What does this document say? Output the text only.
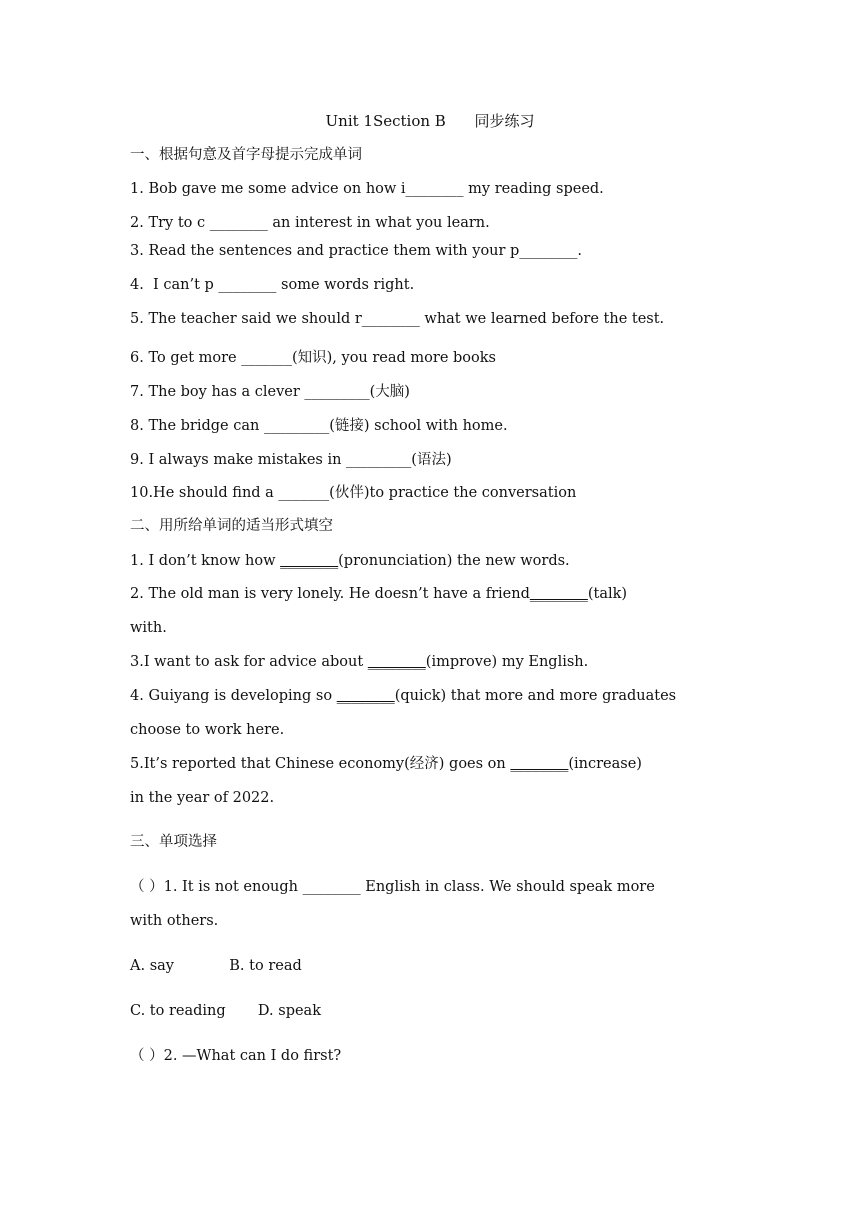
Unit 1Section B      同步练习
一、根据句意及首字母提示完成单词
1. Bob gave me some advice on how i________ my reading speed.
2. Try to c ________ an interest in what you learn.
3. Read the sentences and practice them with your p________.
4.  I can’t p ________ some words right.
5. The teacher said we should r________ what we learned before the test.
6. To get more _______(知识), you read more books
7. The boy has a clever _________(大脑)
8. The bridge can _________(链接) school with home.
9. I always make mistakes in _________(语法)
10.He should find a _______(伙伴)to practice the conversation
二、用所给单词的适当形式填空
1. I don’t know how ________(pronunciation) the new words.
2. The old man is very lonely. He doesn’t have a friend________(talk)
with.
3.I want to ask for advice about ________(improve) my English.
4. Guiyang is developing so ________(quick) that more and more graduates
choose to work here.
5.It’s reported that Chinese economy(经济) goes on ________(increase)
in the year of 2022.
三、单项选择
（ ）1. It is not enough ________ English in class. We should speak more
with others.
A. say            B. to read
C. to reading       D. speak
（ ）2. —What can I do first?
